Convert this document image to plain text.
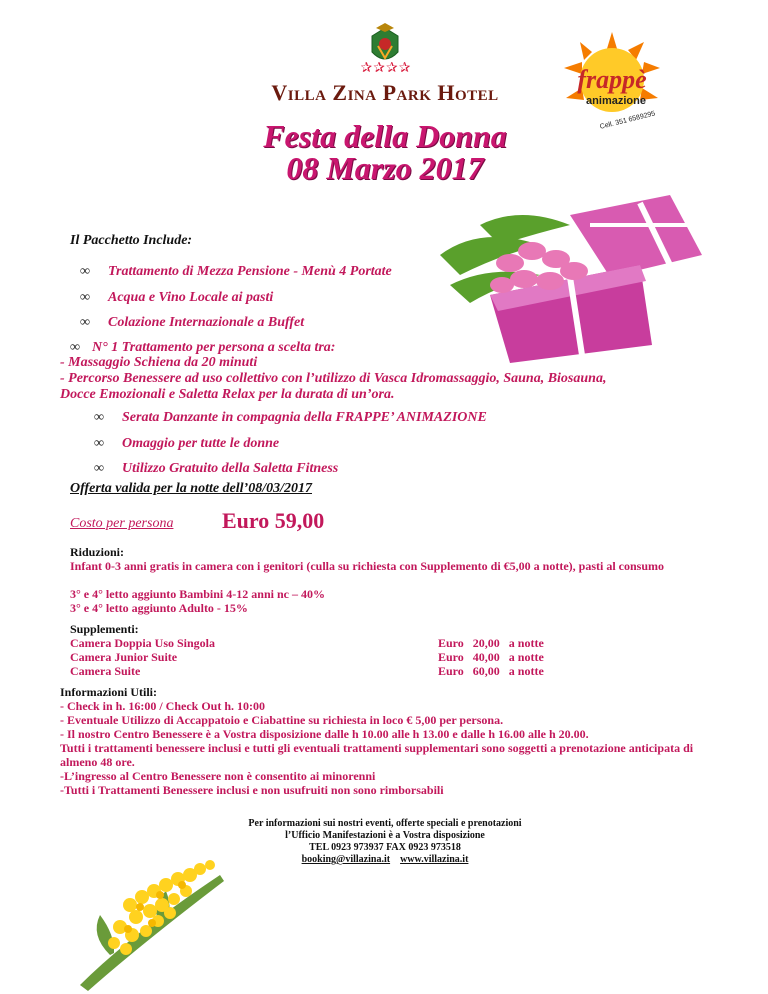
✰✰✰✰
Villa Zina Park Hotel	frappè
animazione
Cell. 351 6589295
Festa della Donna
08 Marzo 2017
Il Pacchetto Include:
∞ Trattamento di Mezza Pensione - Menù 4 Portate
∞ Acqua e Vino Locale ai pasti
∞ Colazione Internazionale a Buffet
∞ N° 1 Trattamento per persona a scelta tra:
- Massaggio Schiena da 20 minuti
- Percorso Benessere ad uso collettivo con l’utilizzo di Vasca Idromassaggio, Sauna, Biosauna,
Docce Emozionali e Saletta Relax per la durata di un’ora.
∞ Serata Danzante in compagnia della FRAPPE’ ANIMAZIONE
∞ Omaggio per tutte le donne
∞ Utilizzo Gratuito della Saletta Fitness
Offerta valida per la notte dell’08/03/2017
Costo per persona Euro 59,00
Riduzioni:
Infant 0-3 anni gratis in camera con i genitori (culla su richiesta con Supplemento di €5,00 a notte), pasti al consumo
3° e 4° letto aggiunto Bambini 4-12 anni nc – 40%
3° e 4° letto aggiunto Adulto - 15%
Supplementi:
Camera Doppia Uso Singola	Euro   20,00   a notte
Camera Junior Suite	Euro   40,00   a notte
Camera Suite	Euro   60,00   a notte
Informazioni Utili:
- Check in h. 16:00 / Check Out h. 10:00
- Eventuale Utilizzo di Accappatoio e Ciabattine su richiesta in loco € 5,00 per persona.
- Il nostro Centro Benessere è a Vostra disposizione dalle h 10.00 alle h 13.00 e dalle h 16.00 alle h 20.00.
Tutti i trattamenti benessere inclusi e tutti gli eventuali trattamenti supplementari sono soggetti a prenotazione anticipata di almeno 48 ore.
-L’ingresso al Centro Benessere non è consentito ai minorenni
-Tutti i Trattamenti Benessere inclusi e non usufruiti non sono rimborsabili
Per informazioni sui nostri eventi, offerte speciali e prenotazioni
l’Ufficio Manifestazioni è a Vostra disposizione
TEL 0923 973937 FAX 0923 973518
booking@villazina.it www.villazina.it
